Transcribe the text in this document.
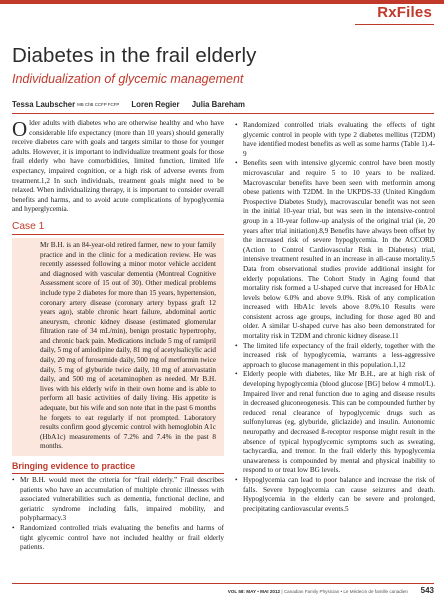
RxFiles
Diabetes in the frail elderly
Individualization of glycemic management
Tessa Laubscher MB ChB CCFP FCFP Loren Regier Julia Bareham

Older adults with diabetes who are otherwise healthy and who have considerable life expectancy (more than 10 years) should generally receive diabetes care with goals and targets similar to those for younger adults. However, it is important to individualize treatment goals for those frail elderly who have comorbidities, limited function, limited life expectancy, impaired cognition, or a high risk of adverse events from treatment.1,2 In such individuals, treatment goals might need to be relaxed. When individualizing therapy, it is important to consider overall benefits and harms, and to avoid acute complications of hypoglycemia and hyperglycemia.

Case 1

Mr B.H. is an 84-year-old retired farmer, new to your family practice and in the clinic for a medication review. He was recently assessed following a minor motor vehicle accident and diagnosed with vascular dementia (Montreal Cognitive Assessment score of 15 out of 30). Other medical problems include type 2 diabetes for more than 15 years, hypertension, coronary artery disease (coronary artery bypass graft 12 years ago), stable chronic heart failure, abdominal aortic aneurysm, chronic kidney disease (estimated glomerular filtration rate of 34 mL/min), benign prostatic hypertrophy, and chronic back pain. Medications include 5 mg of ramipril daily, 5 mg of amlodipine daily, 81 mg of acetylsalicylic acid daily, 20 mg of furosemide daily, 500 mg of metformin twice daily, 5 mg of glyburide twice daily, 10 mg of atorvastatin daily, and 500 mg of acetaminophen as needed. Mr B.H. lives with his elderly wife in their own home and is able to perform all basic activities of daily living. His appetite is adequate, but his wife and son note that in the past 6 months he forgets to eat regularly if not prompted. Laboratory results confirm good glycemic control with hemoglobin A1c (HbA1c) measurements of 7.2% and 7.4% in the past 8 months.

Bringing evidence to practice
• Mr B.H. would meet the criteria for “frail elderly.” Frail describes patients who have an accumulation of multiple chronic illnesses with associated vulnerabilities such as dementia, functional decline, and geriatric syndrome including falls, impaired mobility, and polypharmacy.3
• Randomized controlled trials evaluating the benefits and harms of tight glycemic control have not included healthy or frail elderly patients.
• Randomized controlled trials evaluating the effects of tight glycemic control in people with type 2 diabetes mellitus (T2DM) have identified modest benefits as well as some harms (Table 1).4-9
• Benefits seen with intensive glycemic control have been mostly microvascular and require 5 to 10 years to be realized. Macrovascular benefits have been seen with metformin among obese patients with T2DM. In the UKPDS-33 (United Kingdom Prospective Diabetes Study), macrovascular benefit was not seen in the initial 10-year trial, but was seen in the intensive-control group in a 10-year follow-up analysis of the original trial (ie, 20 years after trial initiation).8,9 Benefits have always been offset by the increased risk of severe hypoglycemia. In the ACCORD (Action to Control Cardiovascular Risk in Diabetes) trial, intensive treatment resulted in an increase in all-cause mortality.5 Data from observational studies provide additional insight for elderly populations. The Cohort Study in Aging found that mortality risk formed a U-shaped curve that increased for HbA1c levels below 6.0% and above 9.0%. Risk of any complication increased with HbA1c levels above 8.0%.10 Results were consistent across age groups, including for those aged 80 and older. A similar U-shaped curve has also been demonstrated for mortality risk in T2DM and chronic kidney disease.11
• The limited life expectancy of the frail elderly, together with the increased risk of hypoglycemia, warrants a less-aggressive approach to glucose management in this population.1,12
• Elderly people with diabetes, like Mr B.H., are at high risk of developing hypoglycemia (blood glucose [BG] below 4 mmol/L). Impaired liver and renal function due to aging and disease results in decreased gluconeogenesis. This can be compounded further by reduced renal clearance of hypoglycemic drugs such as sulfonylureas (eg, glyburide, gliclazide) and insulin. Autonomic neuropathy and decreased ß-receptor response might result in the absence of typical hypoglycemic symptoms such as sweating, tachycardia, and tremor. In the frail elderly this hypoglycemia unawareness is compounded by mental and physical inability to respond to or treat low BG levels.
• Hypoglycemia can lead to poor balance and increase the risk of falls. Severe hypoglycemia can cause seizures and death. Hypoglycemia in the elderly can be severe and prolonged, precipitating cardiovascular events.5
VOL 58: MAY • MAI 2012 | Canadian Family Physician • Le Médecin de famille canadien 543
